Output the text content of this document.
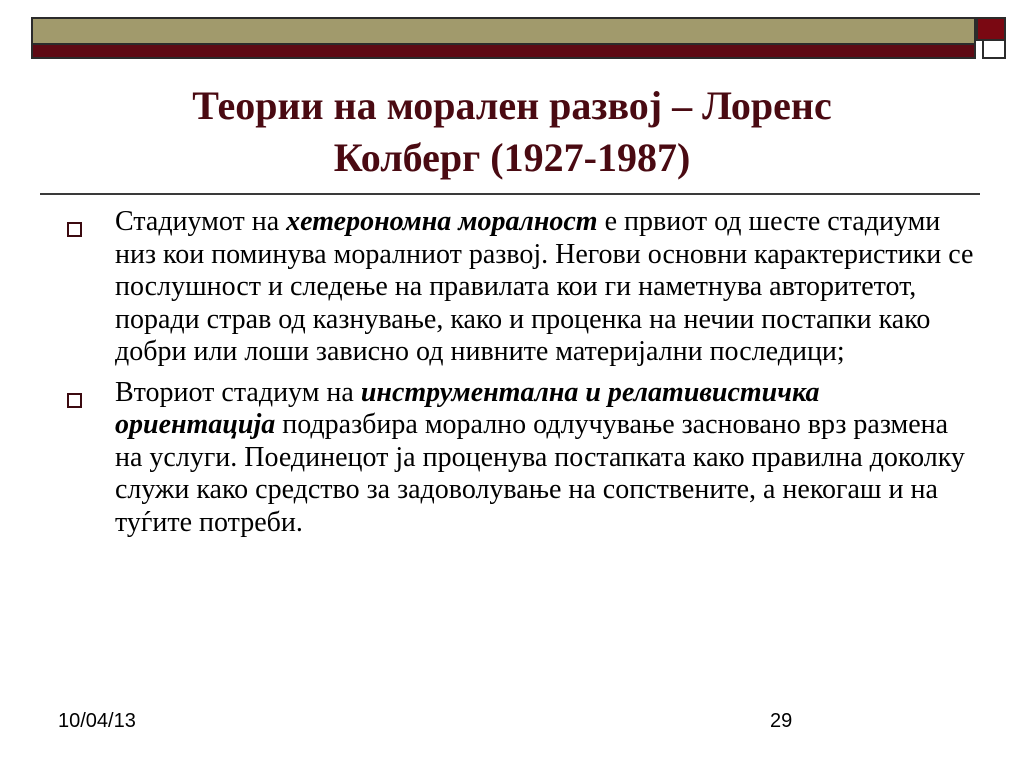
Теории на морален развој – Лоренс
Колберг (1927-1987)
Стадиумот на хетерономна моралност е првиот од шесте стадиуми низ кои поминува моралниот развој. Негови основни карактеристики се послушност и следење на правилата кои ги наметнува авторитетот, поради страв од казнување, како и проценка на нечии постапки како добри или лоши зависно од нивните материјални последици;
Вториот стадиум на инструментална и релативистичка ориентација подразбира морално одлучување засновано врз размена на услуги. Поединецот ја проценува постапката како правилна доколку служи како средство за задоволување на сопствените, а некогаш и на туѓите потреби.
10/04/13	29
